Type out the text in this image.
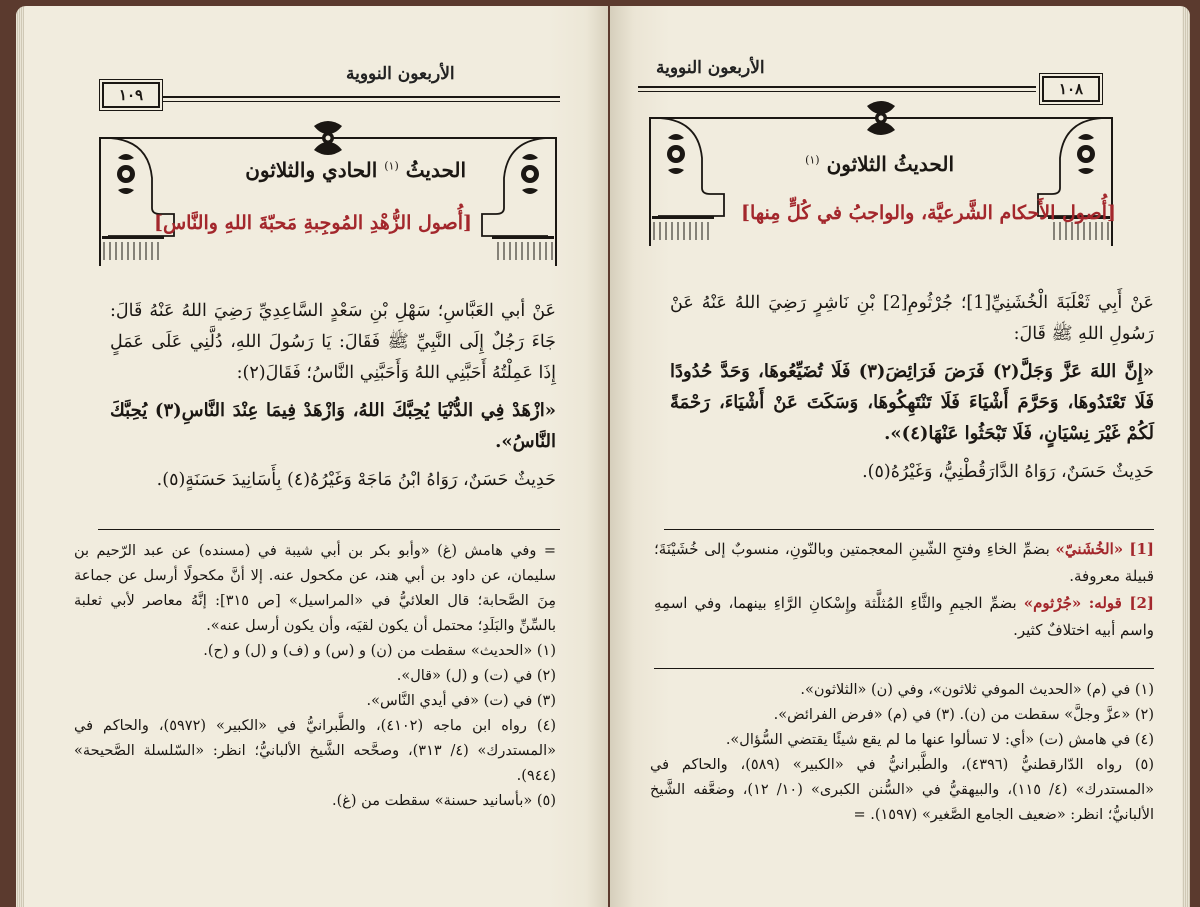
١٠٩
الأربعون النووية
الحديثُ $^{(١)}$ الحادي والثلاثون
[أُصول الزُّهْدِ المُوجِبةِ مَحبّةَ اللهِ والنَّاس]

عَنْ أبي العَبَّاسِ؛ سَهْلِ بْنِ سَعْدٍ السَّاعِدِيِّ رَضِيَ اللهُ عَنْهُ قَالَ: جَاءَ رَجُلٌ إِلَى النَّبِيِّ ﷺ فَقَالَ: يَا رَسُولَ اللهِ، دُلَّنِي عَلَى عَمَلٍ إِذَا عَمِلْتُهُ أَحَبَّنِي اللهُ وَأَحَبَّنِي النَّاسُ؛ فَقَالَ(٢):

«ازْهَدْ فِي الدُّنْيَا يُحِبَّكَ اللهُ، وَازْهَدْ فِيمَا عِنْدَ النَّاسِ(٣) يُحِبَّكَ النَّاسُ».

حَدِيثٌ حَسَنٌ، رَوَاهُ ابْنُ مَاجَهْ وَغَيْرُهُ(٤) بِأَسَانِيدَ حَسَنَةٍ(٥).

= وفي هامش (غ) «وأبو بكر بن أبي شيبة في (مسنده) عن عبد الرّحيم بن سليمان، عن داود بن أبي هند، عن مكحول عنه. إلا أنَّ مكحولًا أرسل عن جماعة مِنَ الصَّحابة؛ قال العلائيُّ في «المراسيل» [ص ٣١٥]: إنَّهُ معاصر لأبي ثعلبة بالسِّنِّ والبَلَدِ؛ محتمل أن يكون لقيَه، وأن يكون أرسل عنه».

(١) «الحديث» سقطت من (ن) و (س) و (ف) و (ل) و (ح).

(٢) في (ت) و (ل) «قال».

(٣) في (ت) «في أيدي النَّاس».

(٤) رواه ابن ماجه (٤١٠٢)، والطَّبرانيُّ في «الكبير» (٥٩٧٢)، والحاكم في «المستدرك» (٤/ ٣١٣)، وصحَّحه الشَّيخ الألبانيُّ؛ انظر: «السّلسلة الصَّحيحة» (٩٤٤).

(٥) «بأسانيد حسنة» سقطت من (غ).

١٠٨
الأربعون النووية
الحديثُ الثلاثون $^{(١)}$
[أُصول الأَحكام الشَّرعيَّة، والواجبُ في كُلٍّ مِنها]

عَنْ أَبِي ثَعْلَبَةَ الْخُشَنِيِّ[1]؛ جُرْثُومِ[2] بْنِ نَاشِرٍ رَضِيَ اللهُ عَنْهُ عَنْ رَسُولِ اللهِ ﷺ قَالَ:

«إِنَّ اللهَ عَزَّ وَجَلَّ(٢) فَرَضَ فَرَائِضَ(٣) فَلَا تُضَيِّعُوهَا، وَحَدَّ حُدُودًا فَلَا تَعْتَدُوهَا، وَحَرَّمَ أَشْيَاءَ فَلَا تَنْتَهِكُوهَا، وَسَكَتَ عَنْ أَشْيَاءَ، رَحْمَةً لَكُمْ غَيْرَ نِسْيَانٍ، فَلَا تَبْحَثُوا عَنْهَا(٤)».

حَدِيثٌ حَسَنٌ، رَوَاهُ الدَّارَقُطْنِيُّ، وَغَيْرُهُ(٥).

[1] «الخُشَنيّ» بضمِّ الخاءِ وفتحِ الشّينِ المعجمتين وبالنّونِ، منسوبٌ إلى خُشَيْنَةَ؛ قبيلة معروفة.

[2] قوله: «جُرْثوم» بضمِّ الجيمِ والثَّاءِ المُثلَّثة وإِسْكانِ الرَّاءِ بينهما، وفي اسمِهِ واسم أبيه اختلافٌ كثير.

(١) في (م) «الحديث الموفي ثلاثون»، وفي (ن) «الثلاثون».

(٢) «عزَّ وجلَّ» سقطت من (ن). (٣) في (م) «فرض الفرائض».

(٤) في هامش (ت) «أي: لا تسألوا عنها ما لم يقع شيئًا يقتضي السُّؤال».

(٥) رواه الدّارقطنيُّ (٤٣٩٦)، والطَّبرانيُّ في «الكبير» (٥٨٩)، والحاكم في «المستدرك» (٤/ ١١٥)، والبيهقيُّ في «السُّنن الكبرى» (١٠/ ١٢)، وضعَّفه الشَّيخ الألبانيُّ؛ انظر: «ضعيف الجامع الصَّغير» (١٥٩٧). =
